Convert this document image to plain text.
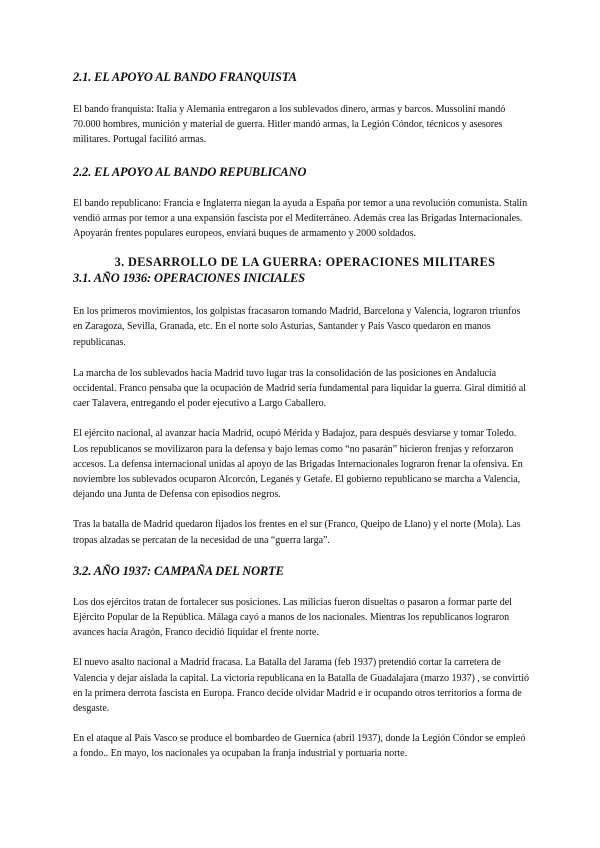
2.1. EL APOYO AL BANDO FRANQUISTA

El bando franquista: Italia y Alemania entregaron a los sublevados dinero, armas y barcos. Mussolini mandó 70.000 hombres, munición y material de guerra. Hitler mandó armas, la Legión Cóndor, técnicos y asesores militares. Portugal facilitó armas.

2.2. EL APOYO AL BANDO REPUBLICANO

El bando republicano: Francia e Inglaterra niegan la ayuda a España por temor a una revolución comunista. Stalin vendió armas por temor a una expansión fascista por el Mediterráneo. Además crea las Brigadas Internacionales. Apoyarán frentes populares europeos, enviará buques de armamento y 2000 soldados.

3. DESARROLLO DE LA GUERRA: OPERACIONES MILITARES
3.1. AÑO 1936: OPERACIONES INICIALES

En los primeros movimientos, los golpistas fracasaron tomando Madrid, Barcelona y Valencia, lograron triunfos en Zaragoza, Sevilla, Granada, etc. En el norte solo Asturias, Santander y País Vasco quedaron en manos republicanas.

La marcha de los sublevados hacia Madrid tuvo lugar tras la consolidación de las posiciones en Andalucía occidental. Franco pensaba que la ocupación de Madrid sería fundamental para liquidar la guerra. Giral dimitió al caer Talavera, entregando el poder ejecutivo a Largo Caballero.

El ejército nacional, al avanzar hacia Madrid, ocupó Mérida y Badajoz, para después desviarse y tomar Toledo. Los republicanos se movilizaron para la defensa y bajo lemas como “no pasarán” hicieron frenjas y reforzaron accesos. La defensa internacional unidas al apoyo de las Brigadas Internacionales lograron frenar la ofensiva. En noviembre los sublevados ocuparon Alcorcón, Leganés y Getafe. El gobierno republicano se marcha a Valencia, dejando una Junta de Defensa con episodios negros.

Tras la batalla de Madrid quedaron fijados los frentes en el sur (Franco, Queipo de Llano) y el norte (Mola). Las tropas alzadas se percatan de la necesidad de una “guerra larga”.

3.2. AÑO 1937: CAMPAÑA DEL NORTE

Los dos ejércitos tratan de fortalecer sus posiciones. Las milicias fueron disueltas o pasaron a formar parte del Ejército Popular de la República. Málaga cayó a manos de los nacionales. Mientras los republicanos lograron avances hacia Aragón, Franco decidió liquidar el frente norte.

El nuevo asalto nacional a Madrid fracasa. La Batalla del Jarama (feb 1937) pretendió cortar la carretera de Valencia y dejar aislada la capital. La victoria republicana en la Batalla de Guadalajara (marzo 1937) , se convirtió en la primera derrota fascista en Europa. Franco decide olvidar Madrid e ir ocupando otros territorios a forma de desgaste.

En el ataque al País Vasco se produce el bombardeo de Guernica (abril 1937), donde la Legión Cóndor se empleó a fondo.. En mayo, los nacionales ya ocupaban la franja industrial y portuaria norte.
